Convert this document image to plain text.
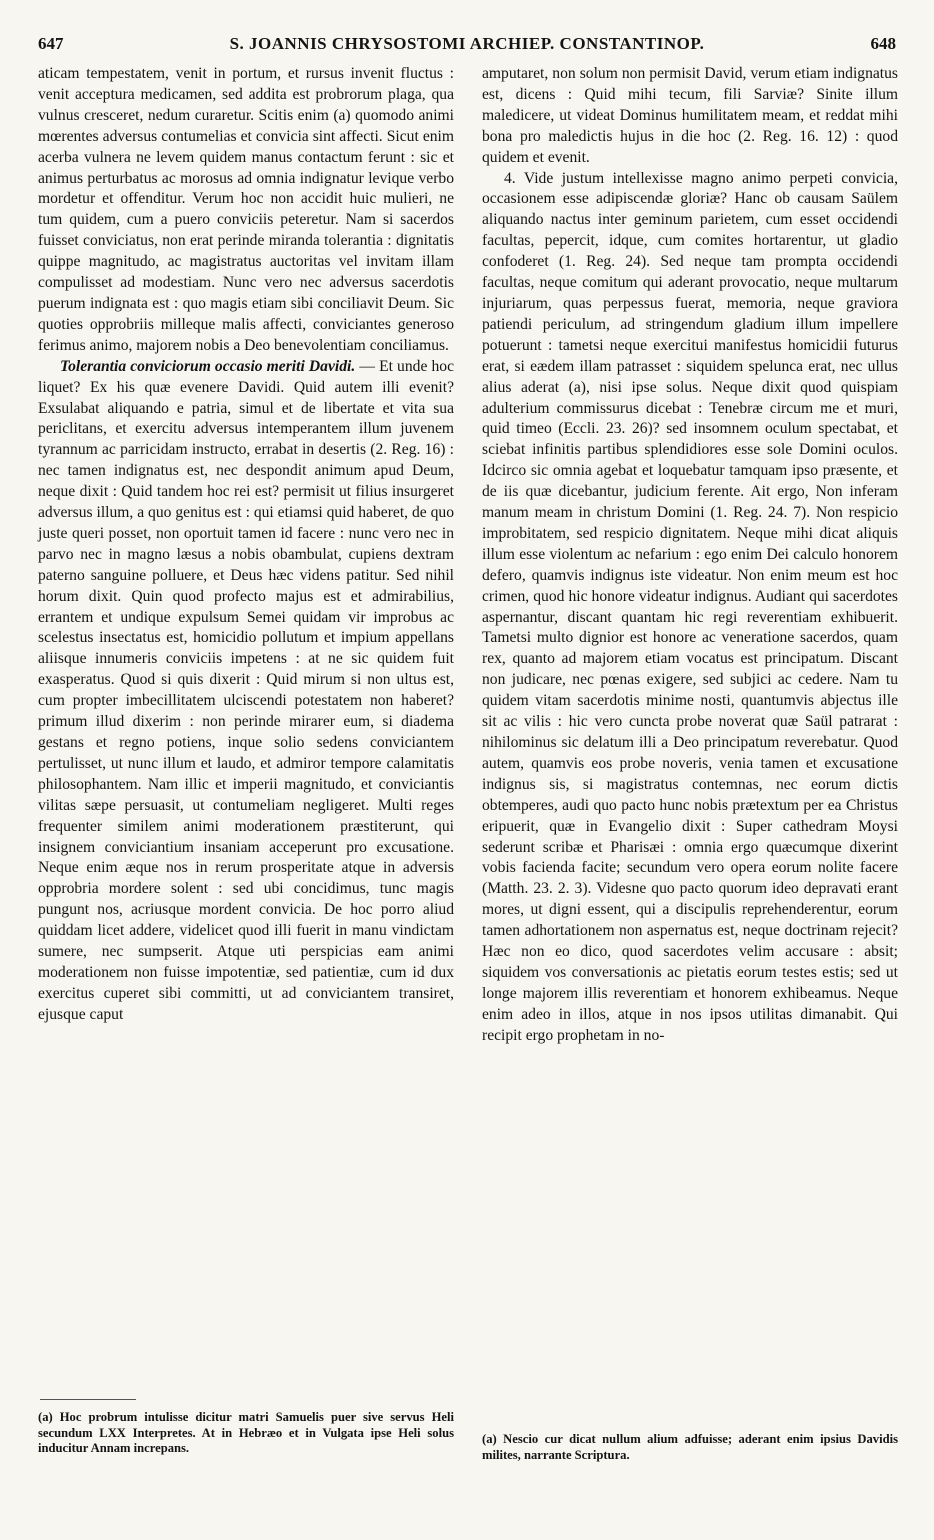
647	S. JOANNIS CHRYSOSTOMI ARCHIEP. CONSTANTINOP.	648

aticam tempestatem, venit in portum, et rursus invenit fluctus : venit acceptura medicamen, sed addita est probrorum plaga, qua vulnus cresceret, nedum curaretur. Scitis enim (a) quomodo animi mœrentes adversus contumelias et convicia sint affecti. Sicut enim acerba vulnera ne levem quidem manus contactum ferunt : sic et animus perturbatus ac morosus ad omnia indignatur levique verbo mordetur et offenditur. Verum hoc non accidit huic mulieri, ne tum quidem, cum a puero conviciis peteretur. Nam si sacerdos fuisset conviciatus, non erat perinde miranda tolerantia : dignitatis quippe magnitudo, ac magistratus auctoritas vel invitam illam compulisset ad modestiam. Nunc vero nec adversus sacerdotis puerum indignata est : quo magis etiam sibi conciliavit Deum. Sic quoties opprobriis milleque malis affecti, conviciantes generoso ferimus animo, majorem nobis a Deo benevolentiam conciliamus.

Tolerantia conviciorum occasio meriti Davidi. — Et unde hoc liquet? Ex his quæ evenere Davidi. Quid autem illi evenit? Exsulabat aliquando e patria, simul et de libertate et vita sua periclitans, et exercitu adversus intemperantem illum juvenem tyrannum ac parricidam instructo, errabat in desertis (2. Reg. 16) : nec tamen indignatus est, nec despondit animum apud Deum, neque dixit : Quid tandem hoc rei est? permisit ut filius insurgeret adversus illum, a quo genitus est : qui etiamsi quid haberet, de quo juste queri posset, non oportuit tamen id facere : nunc vero nec in parvo nec in magno læsus a nobis obambulat, cupiens dextram paterno sanguine polluere, et Deus hæc videns patitur. Sed nihil horum dixit. Quin quod profecto majus est et admirabilius, errantem et undique expulsum Semei quidam vir improbus ac scelestus insectatus est, homicidio pollutum et impium appellans aliisque innumeris conviciis impetens : at ne sic quidem fuit exasperatus. Quod si quis dixerit : Quid mirum si non ultus est, cum propter imbecillitatem ulciscendi potestatem non haberet? primum illud dixerim : non perinde mirarer eum, si diadema gestans et regno potiens, inque solio sedens conviciantem pertulisset, ut nunc illum et laudo, et admiror tempore calamitatis philosophantem. Nam illic et imperii magnitudo, et conviciantis vilitas sæpe persuasit, ut contumeliam negligeret. Multi reges frequenter similem animi moderationem præstiterunt, qui insignem conviciantium insaniam acceperunt pro excusatione. Neque enim æque nos in rerum prosperitate atque in adversis opprobria mordere solent : sed ubi concidimus, tunc magis pungunt nos, acriusque mordent convicia. De hoc porro aliud quiddam licet addere, videlicet quod illi fuerit in manu vindictam sumere, nec sumpserit. Atque uti perspicias eam animi moderationem non fuisse impotentiæ, sed patientiæ, cum id dux exercitus cuperet sibi committi, ut ad conviciantem transiret, ejusque caput

amputaret, non solum non permisit David, verum etiam indignatus est, dicens : Quid mihi tecum, fili Sarviæ? Sinite illum maledicere, ut videat Dominus humilitatem meam, et reddat mihi bona pro maledictis hujus in die hoc (2. Reg. 16. 12) : quod quidem et evenit.

4. Vide justum intellexisse magno animo perpeti convicia, occasionem esse adipiscendæ gloriæ? Hanc ob causam Saülem aliquando nactus inter geminum parietem, cum esset occidendi facultas, pepercit, idque, cum comites hortarentur, ut gladio confoderet (1. Reg. 24). Sed neque tam prompta occidendi facultas, neque comitum qui aderant provocatio, neque multarum injuriarum, quas perpessus fuerat, memoria, neque graviora patiendi periculum, ad stringendum gladium illum impellere potuerunt : tametsi neque exercitui manifestus homicidii futurus erat, si eædem illam patrasset : siquidem spelunca erat, nec ullus alius aderat (a), nisi ipse solus. Neque dixit quod quispiam adulterium commissurus dicebat : Tenebræ circum me et muri, quid timeo (Eccli. 23. 26)? sed insomnem oculum spectabat, et sciebat infinitis partibus splendidiores esse sole Domini oculos. Idcirco sic omnia agebat et loquebatur tamquam ipso præsente, et de iis quæ dicebantur, judicium ferente. Ait ergo, Non inferam manum meam in christum Domini (1. Reg. 24. 7). Non respicio improbitatem, sed respicio dignitatem. Neque mihi dicat aliquis illum esse violentum ac nefarium : ego enim Dei calculo honorem defero, quamvis indignus iste videatur. Non enim meum est hoc crimen, quod hic honore videatur indignus. Audiant qui sacerdotes aspernantur, discant quantam hic regi reverentiam exhibuerit. Tametsi multo dignior est honore ac veneratione sacerdos, quam rex, quanto ad majorem etiam vocatus est principatum. Discant non judicare, nec pœnas exigere, sed subjici ac cedere. Nam tu quidem vitam sacerdotis minime nosti, quantumvis abjectus ille sit ac vilis : hic vero cuncta probe noverat quæ Saül patrarat : nihilominus sic delatum illi a Deo principatum reverebatur. Quod autem, quamvis eos probe noveris, venia tamen et excusatione indignus sis, si magistratus contemnas, nec eorum dictis obtemperes, audi quo pacto hunc nobis prætextum per ea Christus eripuerit, quæ in Evangelio dixit : Super cathedram Moysi sederunt scribæ et Pharisæi : omnia ergo quæcumque dixerint vobis facienda facite; secundum vero opera eorum nolite facere (Matth. 23. 2. 3). Videsne quo pacto quorum ideo depravati erant mores, ut digni essent, qui a discipulis reprehenderentur, eorum tamen adhortationem non aspernatus est, neque doctrinam rejecit? Hæc non eo dico, quod sacerdotes velim accusare : absit; siquidem vos conversationis ac pietatis eorum testes estis; sed ut longe majorem illis reverentiam et honorem exhibeamus. Neque enim adeo in illos, atque in nos ipsos utilitas dimanabit. Qui recipit ergo prophetam in no-

(a) Hoc probrum intulisse dicitur matri Samuelis puer sive servus Heli secundum LXX Interpretes. At in Hebræo et in Vulgata ipse Heli solus inducitur Annam increpans.
(a) Nescio cur dicat nullum alium adfuisse; aderant enim ipsius Davidis milites, narrante Scriptura.
